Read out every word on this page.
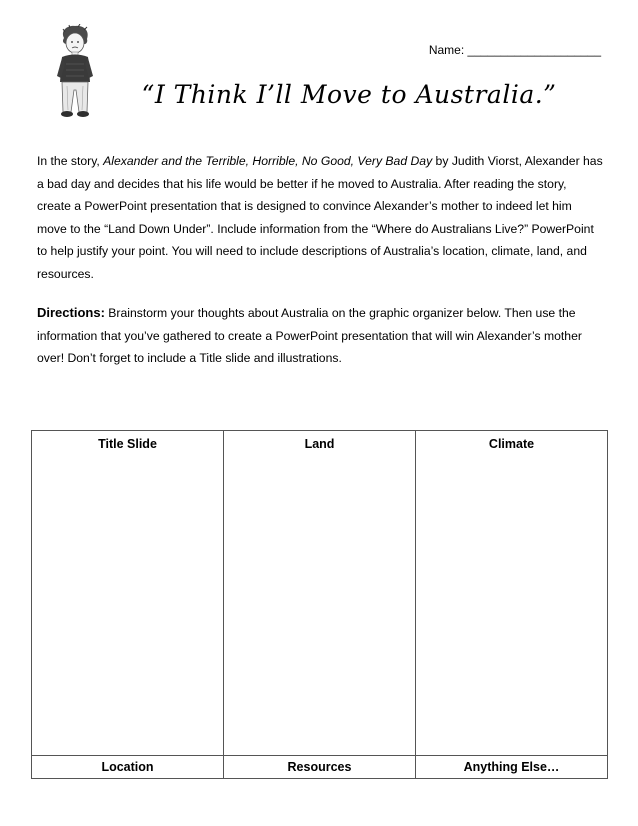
Name: ____________________
“I Think I’ll Move to Australia.”

In the story, Alexander and the Terrible, Horrible, No Good, Very Bad Day by Judith Viorst, Alexander has a bad day and decides that his life would be better if he moved to Australia. After reading the story, create a PowerPoint presentation that is designed to convince Alexander’s mother to indeed let him move to the “Land Down Under”. Include information from the “Where do Australians Live?” PowerPoint to help justify your point. You will need to include descriptions of Australia’s location, climate, land, and resources.

Directions: Brainstorm your thoughts about Australia on the graphic organizer below. Then use the information that you’ve gathered to create a PowerPoint presentation that will win Alexander’s mother over! Don’t forget to include a Title slide and illustrations.

Title Slide	Land	Climate

Location	Resources	Anything Else…
